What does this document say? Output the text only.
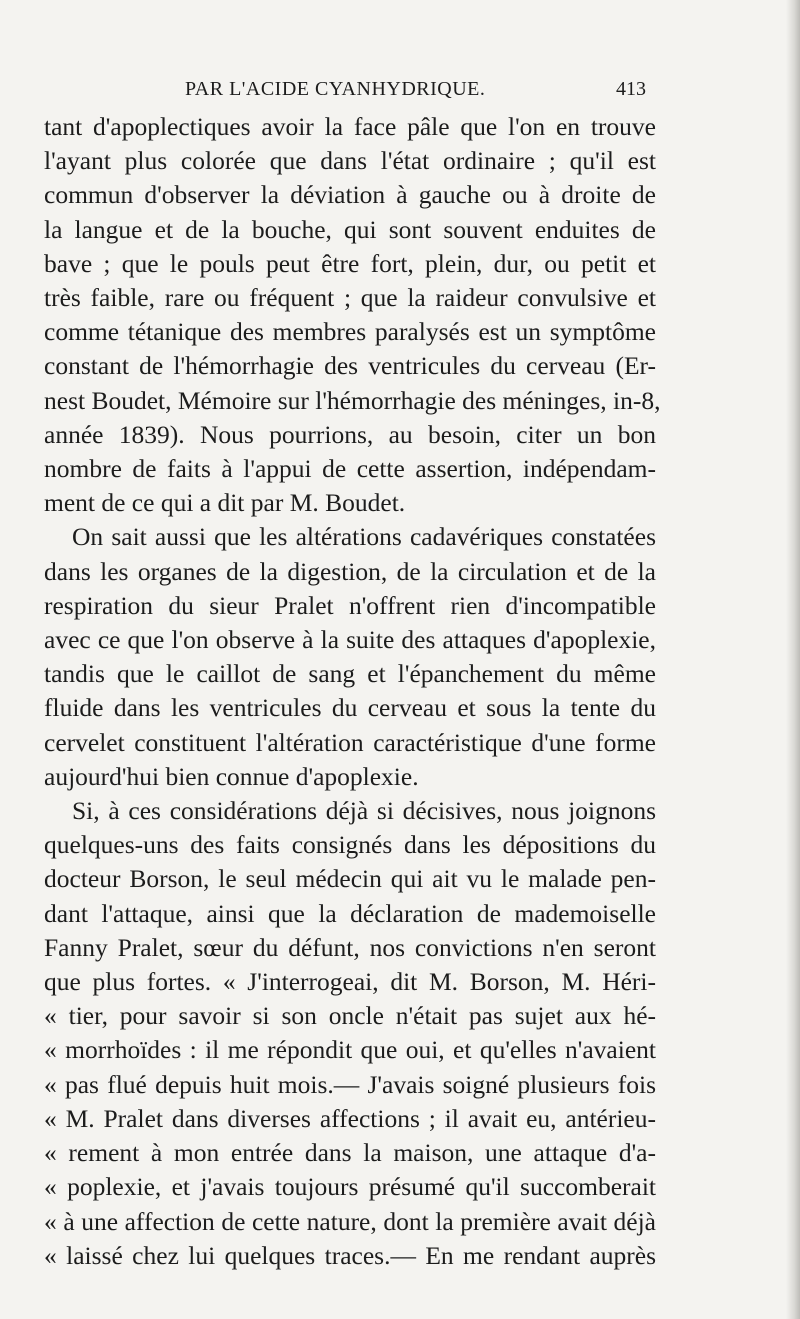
PAR L'ACIDE CYANHYDRIQUE.	413
tant d'apoplectiques avoir la face pâle que l'on en trouve
l'ayant plus colorée que dans l'état ordinaire ; qu'il est
commun d'observer la déviation à gauche ou à droite de
la langue et de la bouche, qui sont souvent enduites de
bave ; que le pouls peut être fort, plein, dur, ou petit et
très faible, rare ou fréquent ; que la raideur convulsive et
comme tétanique des membres paralysés est un symptôme
constant de l'hémorrhagie des ventricules du cerveau (Er-
nest Boudet, Mémoire sur l'hémorrhagie des méninges, in-8,
année 1839). Nous pourrions, au besoin, citer un bon
nombre de faits à l'appui de cette assertion, indépendam-
ment de ce qui a dit par M. Boudet.
On sait aussi que les altérations cadavériques constatées
dans les organes de la digestion, de la circulation et de la
respiration du sieur Pralet n'offrent rien d'incompatible
avec ce que l'on observe à la suite des attaques d'apoplexie,
tandis que le caillot de sang et l'épanchement du même
fluide dans les ventricules du cerveau et sous la tente du
cervelet constituent l'altération caractéristique d'une forme
aujourd'hui bien connue d'apoplexie.
Si, à ces considérations déjà si décisives, nous joignons
quelques-uns des faits consignés dans les dépositions du
docteur Borson, le seul médecin qui ait vu le malade pen-
dant l'attaque, ainsi que la déclaration de mademoiselle
Fanny Pralet, sœur du défunt, nos convictions n'en seront
que plus fortes. « J'interrogeai, dit M. Borson, M. Héri-
« tier, pour savoir si son oncle n'était pas sujet aux hé-
« morrhoïdes : il me répondit que oui, et qu'elles n'avaient
« pas flué depuis huit mois.— J'avais soigné plusieurs fois
« M. Pralet dans diverses affections ; il avait eu, antérieu-
« rement à mon entrée dans la maison, une attaque d'a-
« poplexie, et j'avais toujours présumé qu'il succomberait
« à une affection de cette nature, dont la première avait déjà
« laissé chez lui quelques traces.— En me rendant auprès
